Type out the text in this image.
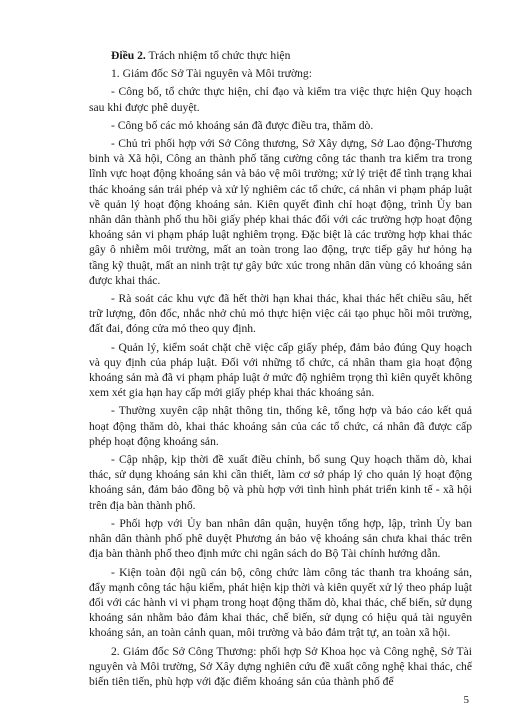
Điều 2. Trách nhiệm tổ chức thực hiện

1. Giám đốc Sở Tài nguyên và Môi trường:

- Công bố, tổ chức thực hiện, chỉ đạo và kiểm tra việc thực hiện Quy hoạch sau khi được phê duyệt.

- Công bố các mỏ khoáng sản đã được điều tra, thăm dò.

- Chủ trì phối hợp với Sở Công thương, Sở Xây dựng, Sở Lao động-Thương binh và Xã hội, Công an thành phố tăng cường công tác thanh tra kiểm tra trong lĩnh vực hoạt động khoáng sản và bảo vệ môi trường; xử lý triệt để tình trạng khai thác khoáng sản trái phép và xử lý nghiêm các tổ chức, cá nhân vi phạm pháp luật về quản lý hoạt động khoáng sản. Kiên quyết đình chỉ hoạt động, trình Ủy ban nhân dân thành phố thu hồi giấy phép khai thác đối với các trường hợp hoạt động khoáng sản vi phạm pháp luật nghiêm trọng. Đặc biệt là các trường hợp khai thác gây ô nhiễm môi trường, mất an toàn trong lao động, trực tiếp gây hư hỏng hạ tầng kỹ thuật, mất an ninh trật tự gây bức xúc trong nhân dân vùng có khoáng sản được khai thác.

- Rà soát các khu vực đã hết thời hạn khai thác, khai thác hết chiều sâu, hết trữ lượng, đôn đốc, nhắc nhở chủ mỏ thực hiện việc cải tạo phục hồi môi trường, đất đai, đóng cửa mỏ theo quy định.

- Quản lý, kiểm soát chặt chẽ việc cấp giấy phép, đảm bảo đúng Quy hoạch và quy định của pháp luật. Đối với những tổ chức, cá nhân tham gia hoạt động khoáng sản mà đã vi phạm pháp luật ở mức độ nghiêm trọng thì kiên quyết không xem xét gia hạn hay cấp mới giấy phép khai thác khoáng sản.

- Thường xuyên cập nhật thông tin, thống kê, tổng hợp và báo cáo kết quả hoạt động thăm dò, khai thác khoáng sản của các tổ chức, cá nhân đã được cấp phép hoạt động khoáng sản.

- Cập nhập, kịp thời đề xuất điều chỉnh, bổ sung Quy hoạch thăm dò, khai thác, sử dụng khoáng sản khi cần thiết, làm cơ sở pháp lý cho quản lý hoạt động khoáng sản, đảm bảo đồng bộ và phù hợp với tình hình phát triển kinh tế - xã hội trên địa bàn thành phố.

- Phối hợp với Ủy ban nhân dân quận, huyện tổng hợp, lập, trình Ủy ban nhân dân thành phố phê duyệt Phương án bảo vệ khoáng sản chưa khai thác trên địa bàn thành phố theo định mức chi ngân sách do Bộ Tài chính hướng dẫn.

- Kiện toàn đội ngũ cán bộ, công chức làm công tác thanh tra khoáng sản, đẩy mạnh công tác hậu kiểm, phát hiện kịp thời và kiên quyết xử lý theo pháp luật đối với các hành vi vi phạm trong hoạt động thăm dò, khai thác, chế biến, sử dụng khoáng sản nhằm bảo đảm khai thác, chế biến, sử dụng có hiệu quả tài nguyên khoáng sản, an toàn cảnh quan, môi trường và bảo đảm trật tự, an toàn xã hội.

2. Giám đốc Sở Công Thương: phối hợp Sở Khoa học và Công nghệ, Sở Tài nguyên và Môi trường, Sở Xây dựng nghiên cứu đề xuất công nghệ khai thác, chế biến tiên tiến, phù hợp với đặc điểm khoáng sản của thành phố để

5
